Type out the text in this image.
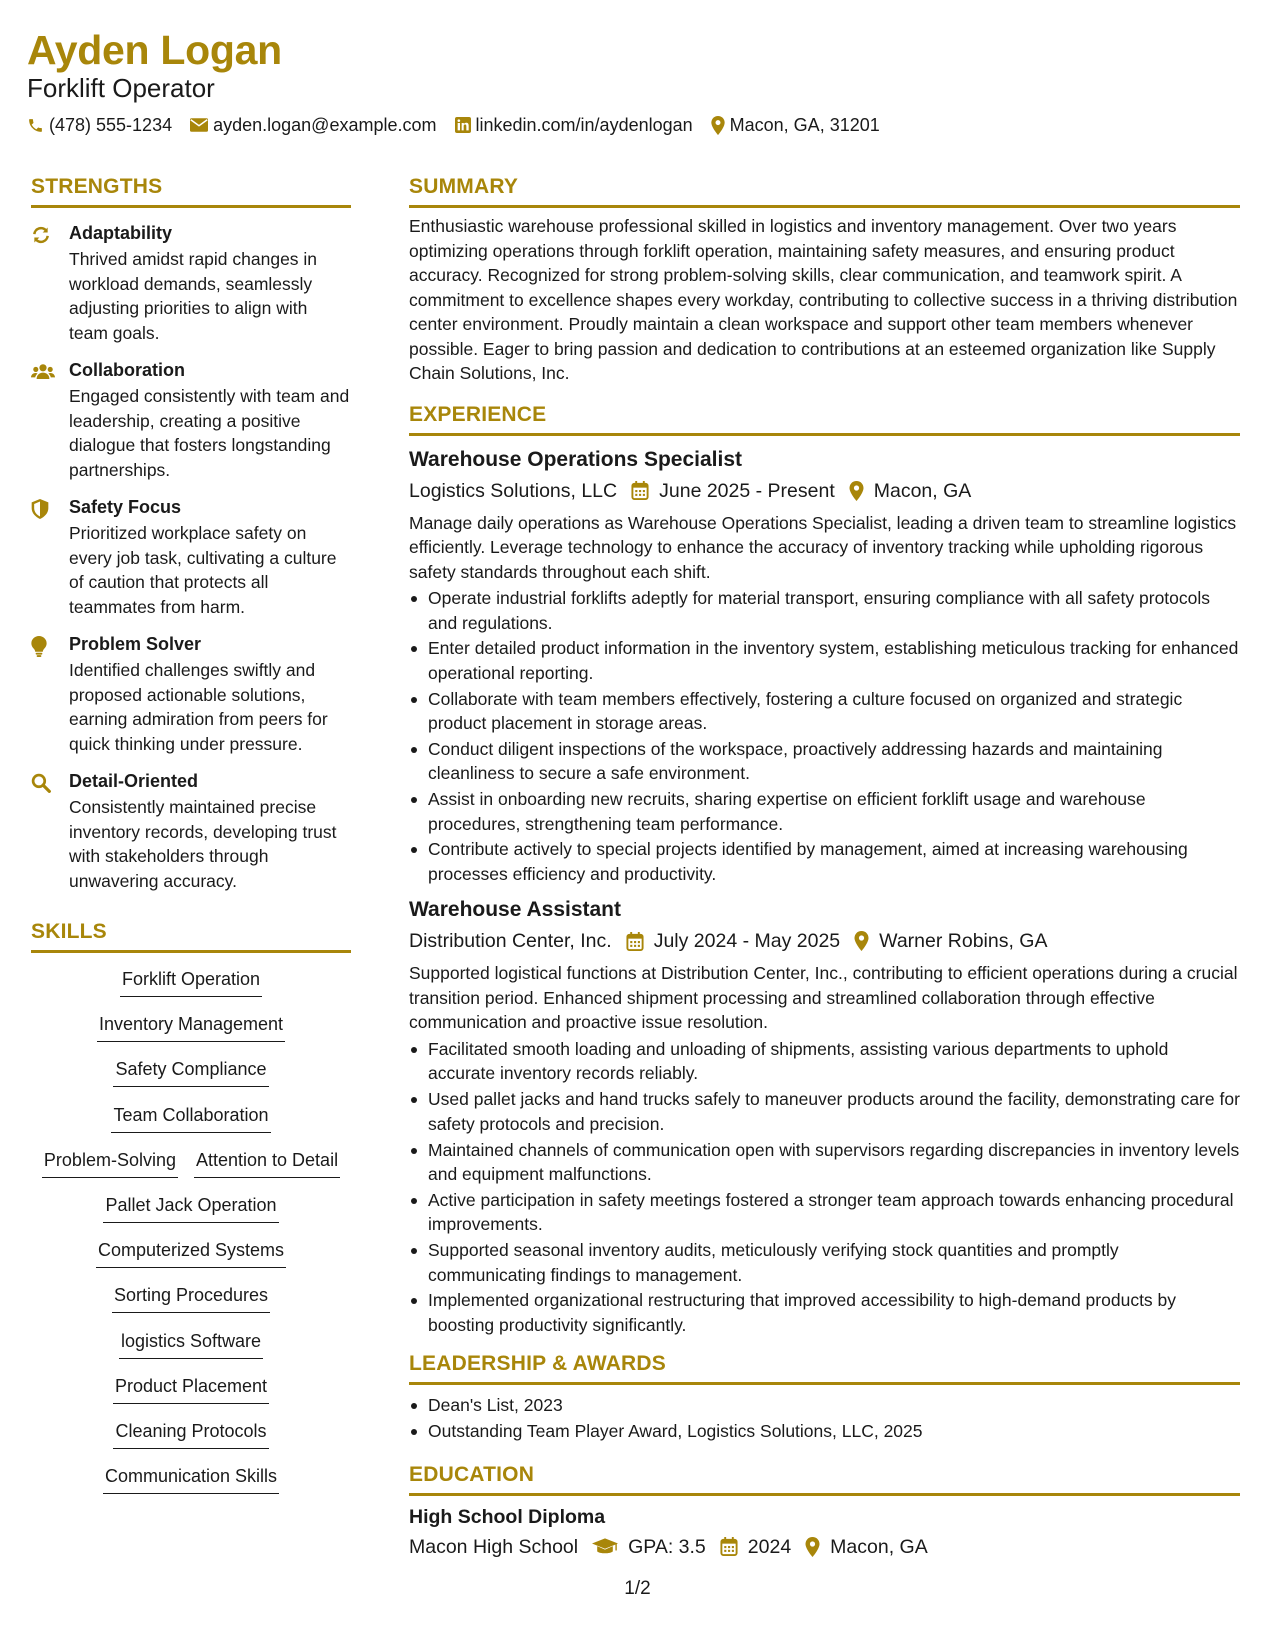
Ayden Logan
Forklift Operator
(478) 555-1234 ayden.logan@example.com linkedin.com/in/aydenlogan Macon, GA, 31201
STRENGTHS
Adaptability
Thrived amidst rapid changes in workload demands, seamlessly adjusting priorities to align with team goals.
Collaboration
Engaged consistently with team and leadership, creating a positive dialogue that fosters longstanding partnerships.
Safety Focus
Prioritized workplace safety on every job task, cultivating a culture of caution that protects all teammates from harm.
Problem Solver
Identified challenges swiftly and proposed actionable solutions, earning admiration from peers for quick thinking under pressure.
Detail-Oriented
Consistently maintained precise inventory records, developing trust with stakeholders through unwavering accuracy.
SKILLS
Forklift Operation
Inventory Management
Safety Compliance
Team Collaboration
Problem-Solving Attention to Detail
Pallet Jack Operation
Computerized Systems
Sorting Procedures
logistics Software
Product Placement
Cleaning Protocols
Communication Skills
SUMMARY
Enthusiastic warehouse professional skilled in logistics and inventory management. Over two years optimizing operations through forklift operation, maintaining safety measures, and ensuring product accuracy. Recognized for strong problem-solving skills, clear communication, and teamwork spirit. A commitment to excellence shapes every workday, contributing to collective success in a thriving distribution center environment. Proudly maintain a clean workspace and support other team members whenever possible. Eager to bring passion and dedication to contributions at an esteemed organization like Supply Chain Solutions, Inc.
EXPERIENCE
Warehouse Operations Specialist
Logistics Solutions, LLC June 2025 - Present Macon, GA
Manage daily operations as Warehouse Operations Specialist, leading a driven team to streamline logistics efficiently. Leverage technology to enhance the accuracy of inventory tracking while upholding rigorous safety standards throughout each shift.
Operate industrial forklifts adeptly for material transport, ensuring compliance with all safety protocols and regulations.
Enter detailed product information in the inventory system, establishing meticulous tracking for enhanced operational reporting.
Collaborate with team members effectively, fostering a culture focused on organized and strategic product placement in storage areas.
Conduct diligent inspections of the workspace, proactively addressing hazards and maintaining cleanliness to secure a safe environment.
Assist in onboarding new recruits, sharing expertise on efficient forklift usage and warehouse procedures, strengthening team performance.
Contribute actively to special projects identified by management, aimed at increasing warehousing processes efficiency and productivity.
Warehouse Assistant
Distribution Center, Inc. July 2024 - May 2025 Warner Robins, GA
Supported logistical functions at Distribution Center, Inc., contributing to efficient operations during a crucial transition period. Enhanced shipment processing and streamlined collaboration through effective communication and proactive issue resolution.
Facilitated smooth loading and unloading of shipments, assisting various departments to uphold accurate inventory records reliably.
Used pallet jacks and hand trucks safely to maneuver products around the facility, demonstrating care for safety protocols and precision.
Maintained channels of communication open with supervisors regarding discrepancies in inventory levels and equipment malfunctions.
Active participation in safety meetings fostered a stronger team approach towards enhancing procedural improvements.
Supported seasonal inventory audits, meticulously verifying stock quantities and promptly communicating findings to management.
Implemented organizational restructuring that improved accessibility to high-demand products by boosting productivity significantly.
LEADERSHIP & AWARDS
Dean's List, 2023
Outstanding Team Player Award, Logistics Solutions, LLC, 2025
EDUCATION
High School Diploma
Macon High School	GPA: 3.5 2024 Macon, GA
1/2
